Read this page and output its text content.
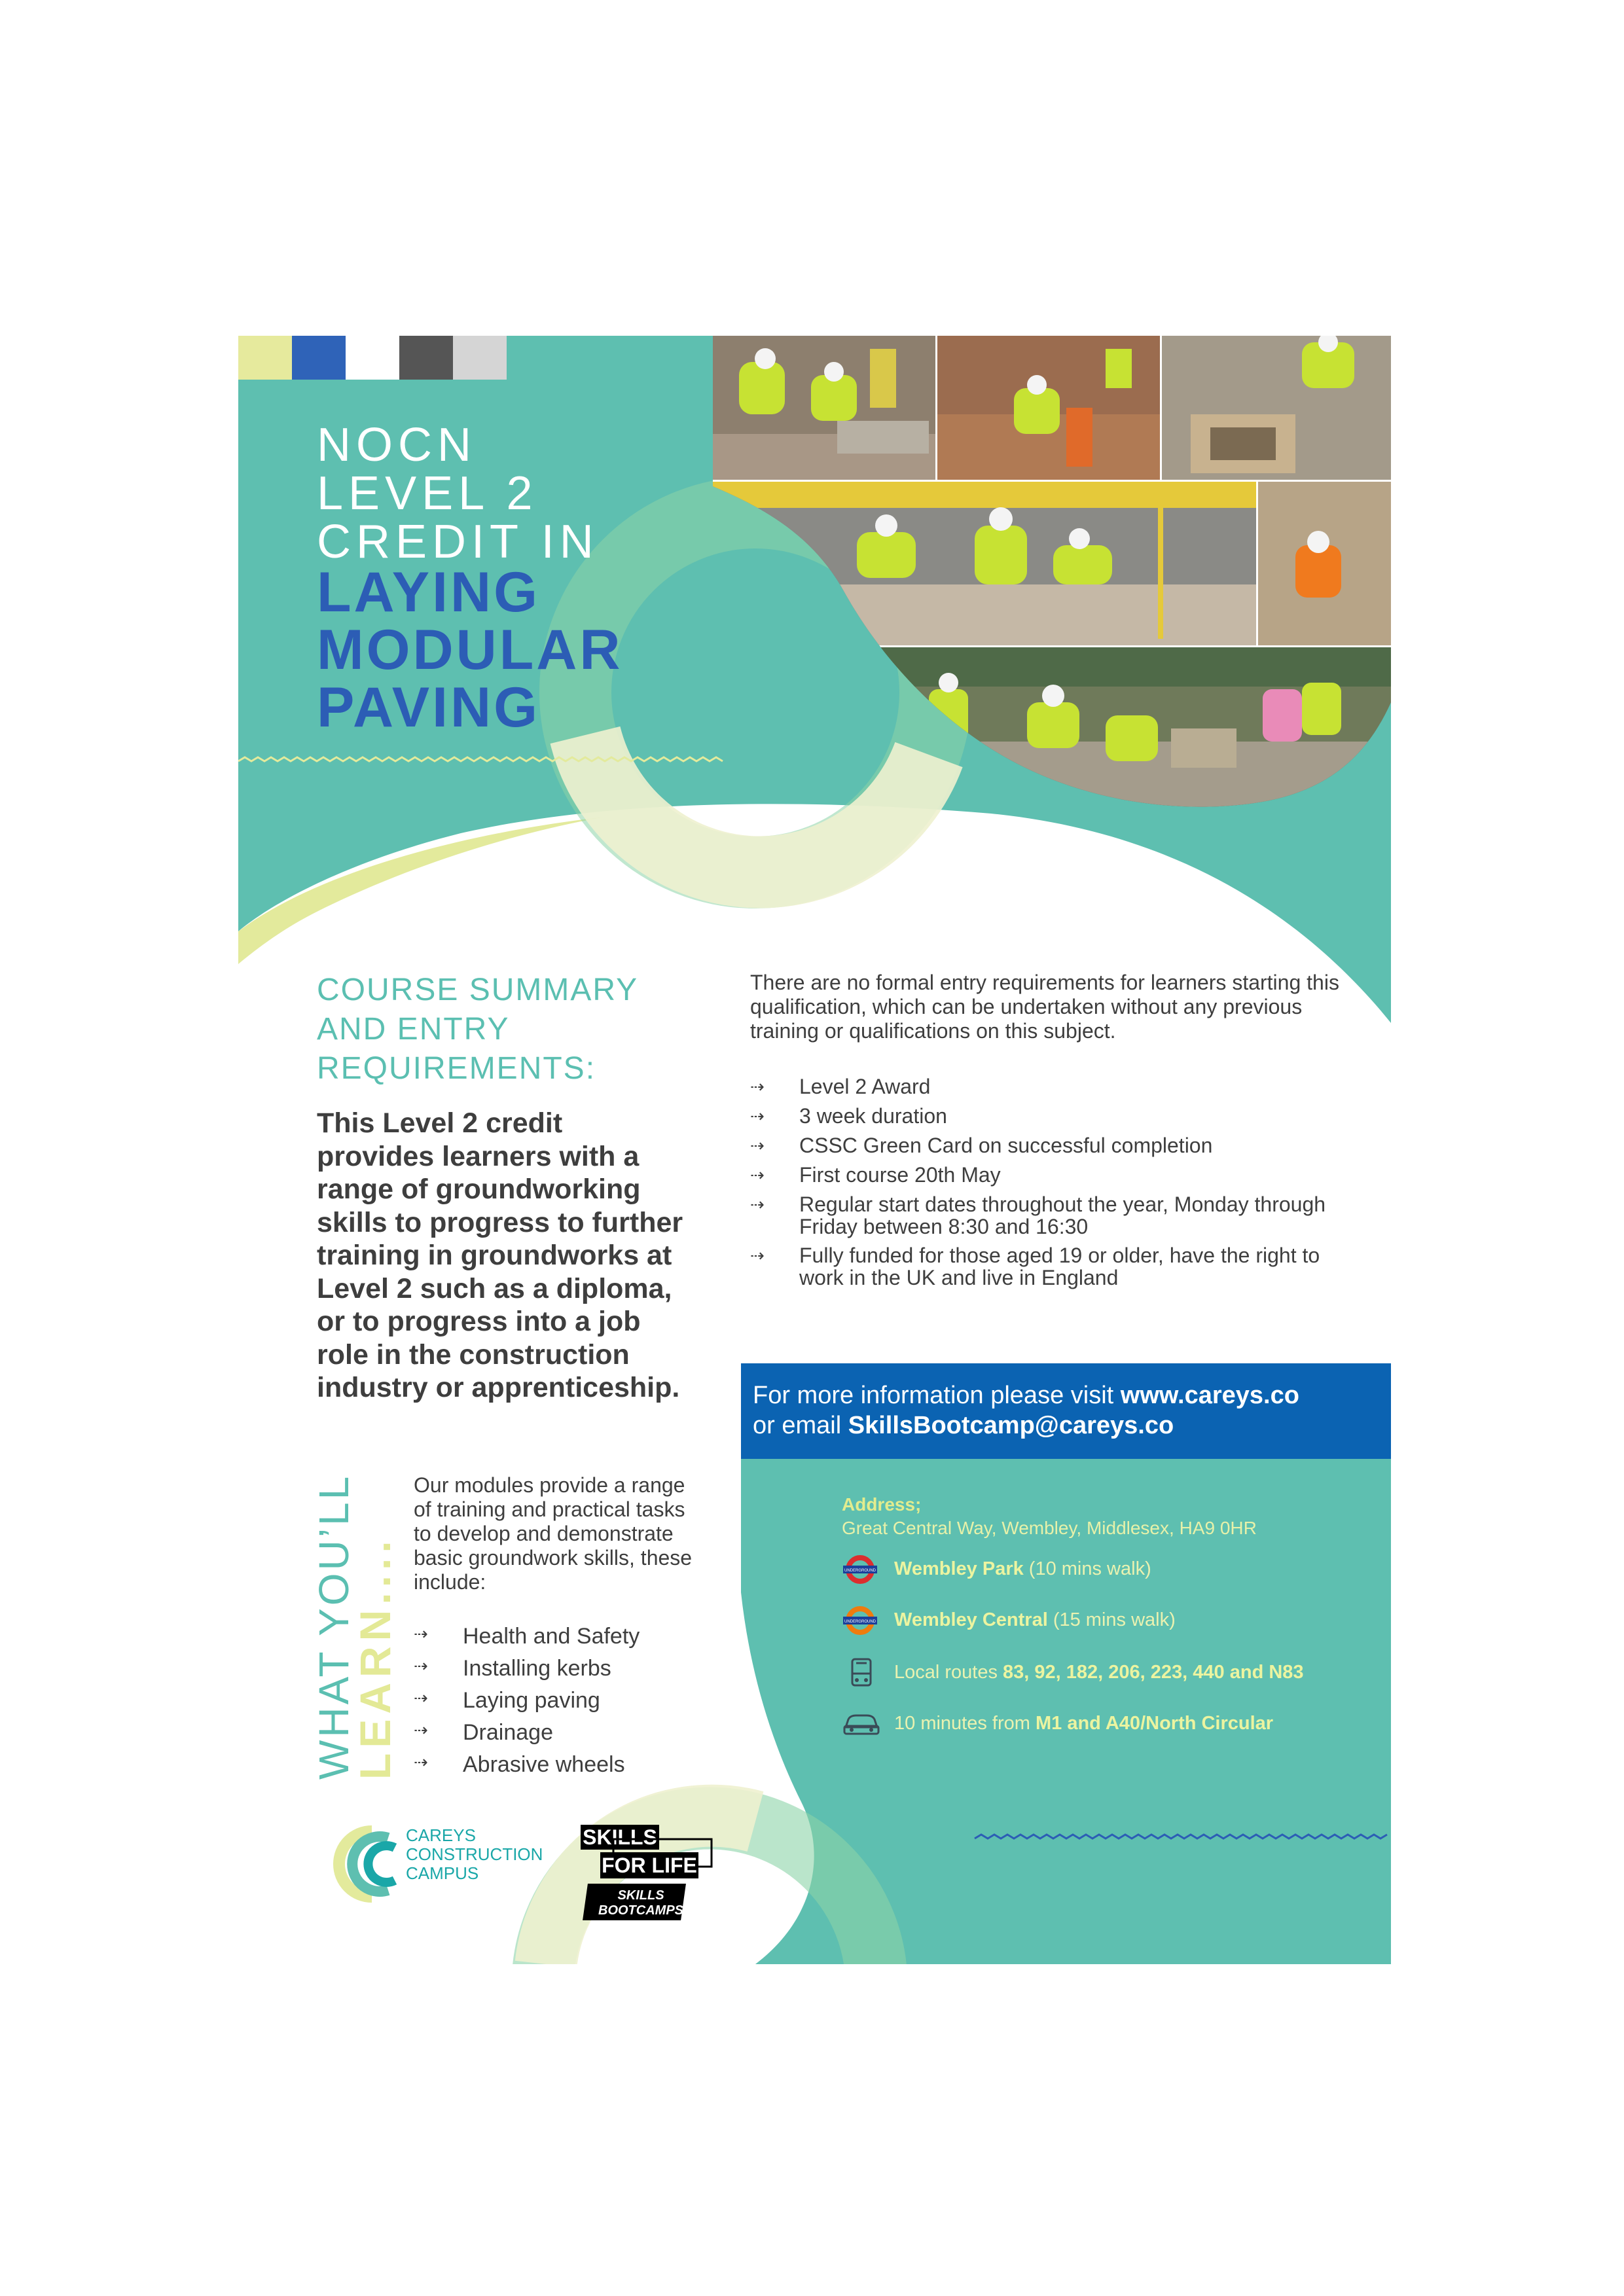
NOCN
LEVEL 2
CREDIT IN
LAYING
MODULAR
PAVING
COURSE SUMMARY
AND ENTRY
REQUIREMENTS:
This Level 2 credit provides learners with a range of groundworking skills to progress to further training in groundworks at Level 2 such as a diploma, or to progress into a job role in the construction industry or apprenticeship.
There are no formal entry requirements for learners starting this qualification, which can be undertaken without any previous training or qualifications on this subject.
⇢ Level 2 Award
⇢ 3 week duration
⇢ CSSC Green Card on successful completion
⇢ First course 20th May
⇢ Regular start dates throughout the year, Monday through Friday between 8:30 and 16:30
⇢ Fully funded for those aged 19 or older, have the right to work in the UK and live in England
For more information please visit www.careys.co
or email SkillsBootcamp@careys.co
Address;
Great Central Way, Wembley, Middlesex, HA9 0HR
UNDERGROUND Wembley Park (10 mins walk)
UNDERGROUND Wembley Central (15 mins walk)
Local routes 83, 92, 182, 206, 223, 440 and N83
10 minutes from M1 and A40/North Circular
WHAT YOU’LL
LEARN....
Our modules provide a range of training and practical tasks to develop and demonstrate basic groundwork skills, these include:
⇢ Health and Safety
⇢ Installing kerbs
⇢ Laying paving
⇢ Drainage
⇢ Abrasive wheels
CAREYS
CONSTRUCTION
CAMPUS
SKILLS
FOR LIFE
SKILLS
BOOTCAMPS
